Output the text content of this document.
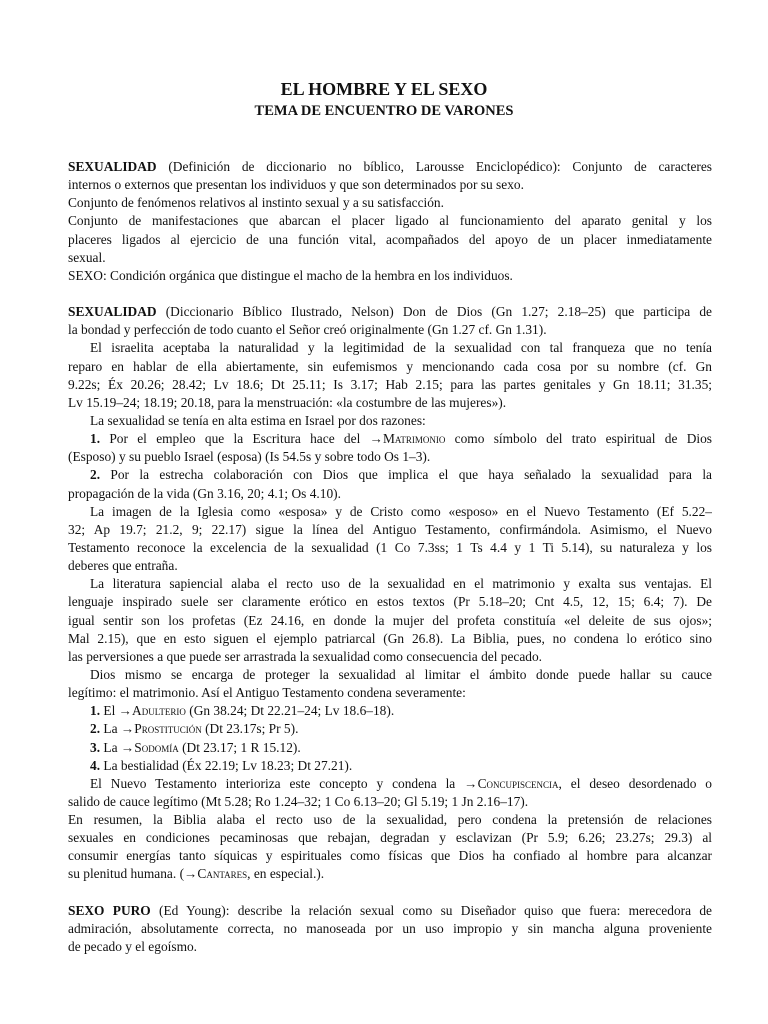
EL HOMBRE Y EL SEXO
TEMA DE ENCUENTRO DE VARONES
SEXUALIDAD (Definición de diccionario no bíblico, Larousse Enciclopédico): Conjunto de caracteres
internos o externos que presentan los individuos y que son determinados por su sexo.
Conjunto de fenómenos relativos al instinto sexual y a su satisfacción.
Conjunto de manifestaciones que abarcan el placer ligado al funcionamiento del aparato genital y los
placeres ligados al ejercicio de una función vital, acompañados del apoyo de un placer inmediatamente
sexual.
SEXO: Condición orgánica que distingue el macho de la hembra en los individuos.
SEXUALIDAD (Diccionario Bíblico Ilustrado, Nelson) Don de Dios (Gn 1.27; 2.18–25) que participa de
la bondad y perfección de todo cuanto el Señor creó originalmente (Gn 1.27 cf. Gn 1.31).
El israelita aceptaba la naturalidad y la legitimidad de la sexualidad con tal franqueza que no tenía
reparo en hablar de ella abiertamente, sin eufemismos y mencionando cada cosa por su nombre (cf. Gn
9.22s; Éx 20.26; 28.42; Lv 18.6; Dt 25.11; Is 3.17; Hab 2.15; para las partes genitales y Gn 18.11; 31.35;
Lv 15.19–24; 18.19; 20.18, para la menstruación: «la costumbre de las mujeres»).
La sexualidad se tenía en alta estima en Israel por dos razones:
1. Por el empleo que la Escritura hace del →Matrimonio como símbolo del trato espiritual de Dios
(Esposo) y su pueblo Israel (esposa) (Is 54.5s y sobre todo Os 1–3).
2. Por la estrecha colaboración con Dios que implica el que haya señalado la sexualidad para la
propagación de la vida (Gn 3.16, 20; 4.1; Os 4.10).
La imagen de la Iglesia como «esposa» y de Cristo como «esposo» en el Nuevo Testamento (Ef 5.22–
32; Ap 19.7; 21.2, 9; 22.17) sigue la línea del Antiguo Testamento, confirmándola. Asimismo, el Nuevo
Testamento reconoce la excelencia de la sexualidad (1 Co 7.3ss; 1 Ts 4.4 y 1 Ti 5.14), su naturaleza y los
deberes que entraña.
La literatura sapiencial alaba el recto uso de la sexualidad en el matrimonio y exalta sus ventajas. El
lenguaje inspirado suele ser claramente erótico en estos textos (Pr 5.18–20; Cnt 4.5, 12, 15; 6.4; 7). De
igual sentir son los profetas (Ez 24.16, en donde la mujer del profeta constituía «el deleite de sus ojos»;
Mal 2.15), que en esto siguen el ejemplo patriarcal (Gn 26.8). La Biblia, pues, no condena lo erótico sino
las perversiones a que puede ser arrastrada la sexualidad como consecuencia del pecado.
Dios mismo se encarga de proteger la sexualidad al limitar el ámbito donde puede hallar su cauce
legítimo: el matrimonio. Así el Antiguo Testamento condena severamente:
1. El →Adulterio (Gn 38.24; Dt 22.21–24; Lv 18.6–18).
2. La →Prostitución (Dt 23.17s; Pr 5).
3. La →Sodomía (Dt 23.17; 1 R 15.12).
4. La bestialidad (Éx 22.19; Lv 18.23; Dt 27.21).
El Nuevo Testamento interioriza este concepto y condena la →Concupiscencia, el deseo desordenado o
salido de cauce legítimo (Mt 5.28; Ro 1.24–32; 1 Co 6.13–20; Gl 5.19; 1 Jn 2.16–17).
En resumen, la Biblia alaba el recto uso de la sexualidad, pero condena la pretensión de relaciones
sexuales en condiciones pecaminosas que rebajan, degradan y esclavizan (Pr 5.9; 6.26; 23.27s; 29.3) al
consumir energías tanto síquicas y espirituales como físicas que Dios ha confiado al hombre para alcanzar
su plenitud humana. (→Cantares, en especial.).
SEXO PURO (Ed Young): describe la relación sexual como su Diseñador quiso que fuera: merecedora de
admiración, absolutamente correcta, no manoseada por un uso impropio y sin mancha alguna proveniente
de pecado y el egoísmo.
